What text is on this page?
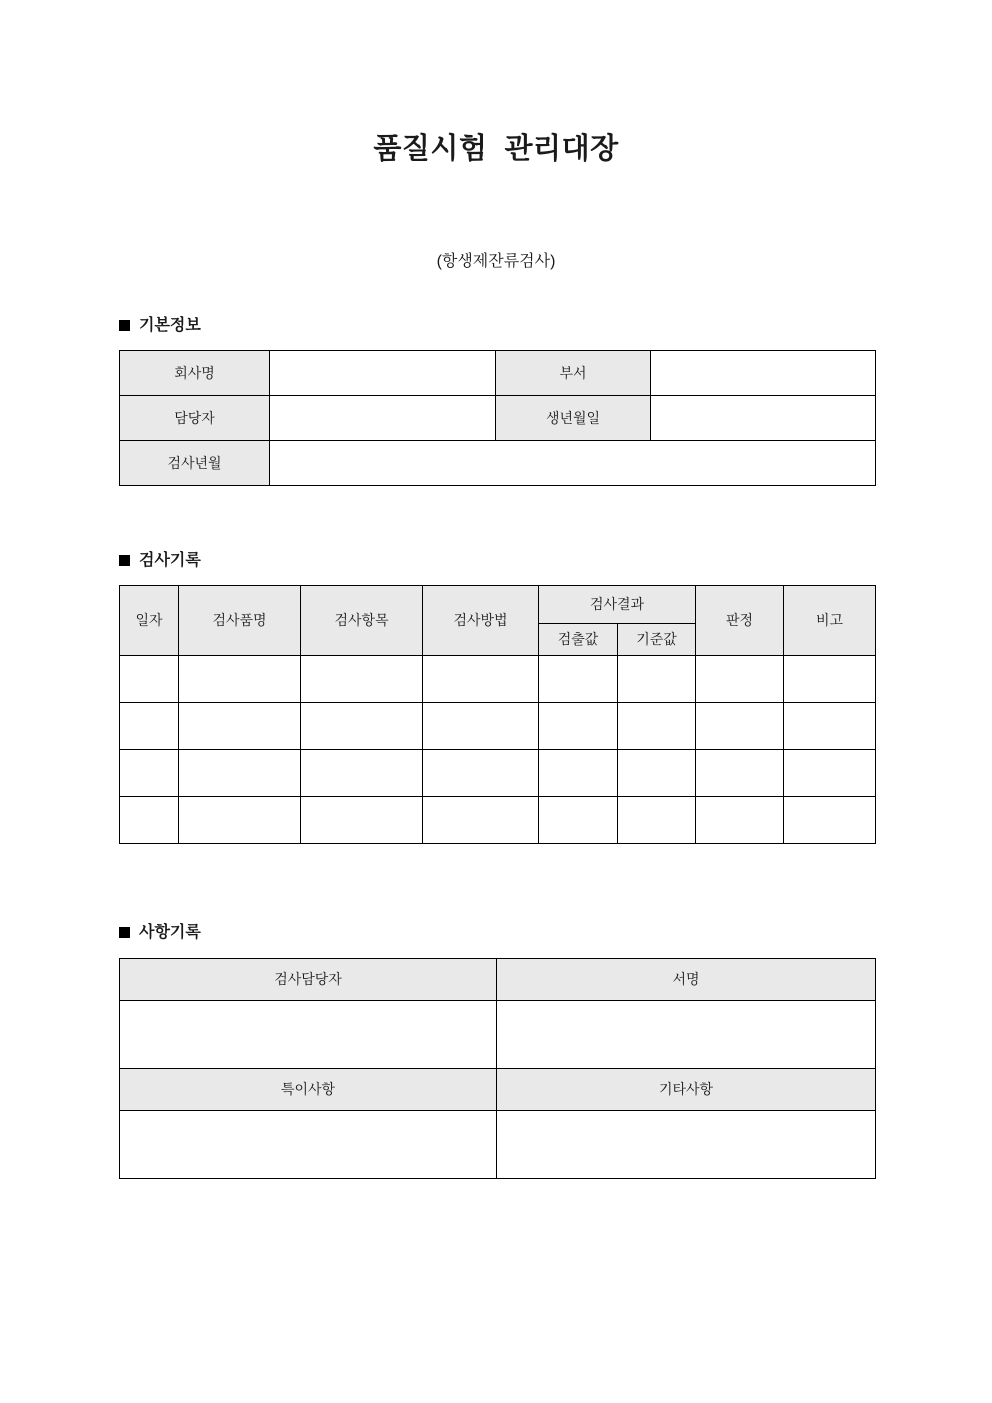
품질시험  관리대장
(항생제잔류검사)
기본정보
회사명		부서	
담당자		생년월일	
검사년월			
검사기록
일자	검사품명	검사항목	검사방법	검사결과		판정	비고
				검출값	기준값		

사항기록
검사담당자	서명

특이사항	기타사항
